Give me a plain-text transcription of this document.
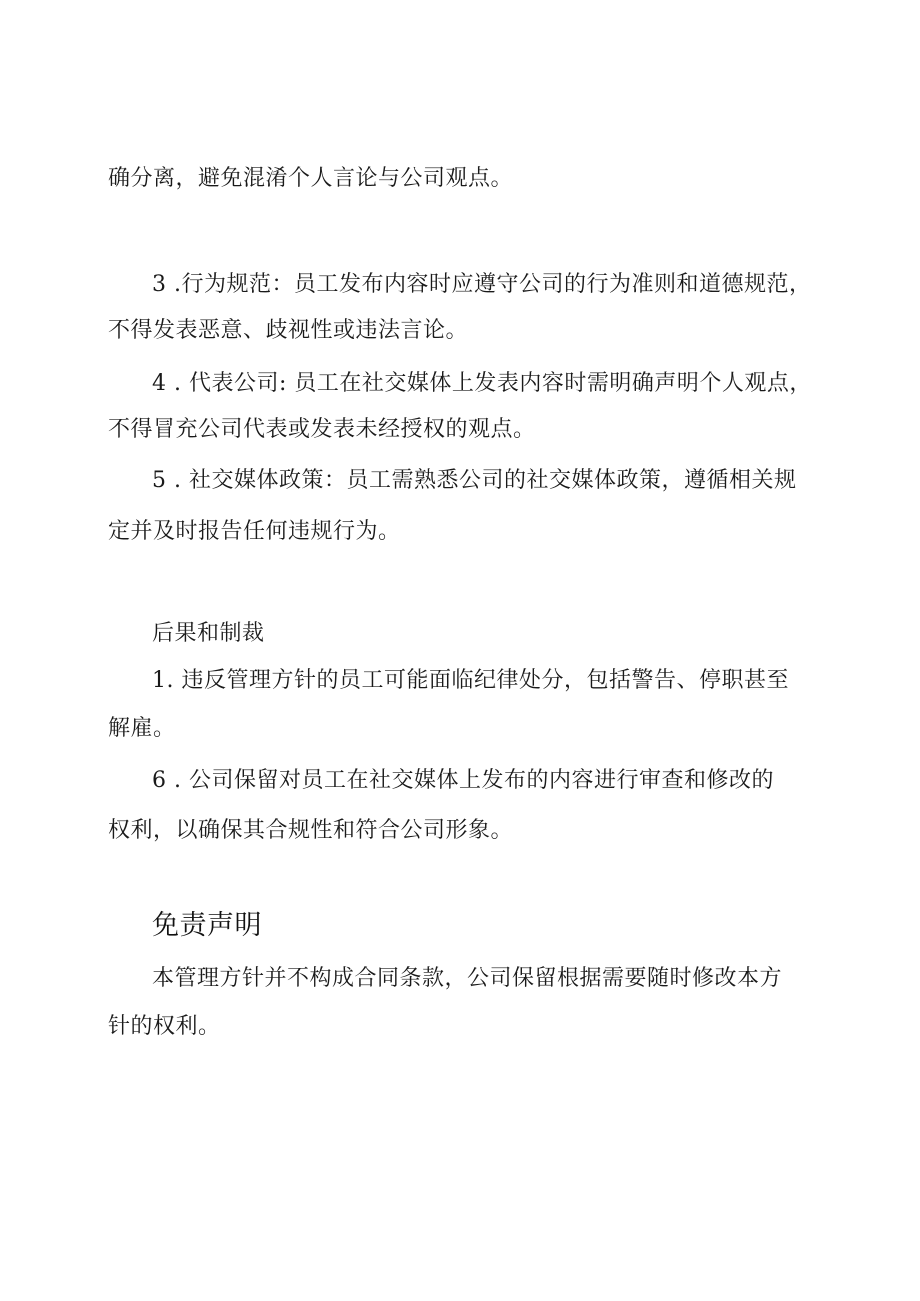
确分离，避免混淆个人言论与公司观点。
3 .行为规范：员工发布内容时应遵守公司的行为准则和道德规范，
不得发表恶意、歧视性或违法言论。
4 . 代表公司: 员工在社交媒体上发表内容时需明确声明个人观点，
不得冒充公司代表或发表未经授权的观点。
5 . 社交媒体政策：员工需熟悉公司的社交媒体政策，遵循相关规
定并及时报告任何违规行为。
后果和制裁
1. 违反管理方针的员工可能面临纪律处分，包括警告、停职甚至
解雇。
6 . 公司保留对员工在社交媒体上发布的内容进行审查和修改的
权利，以确保其合规性和符合公司形象。
免责声明
本管理方针并不构成合同条款，公司保留根据需要随时修改本方
针的权利。
